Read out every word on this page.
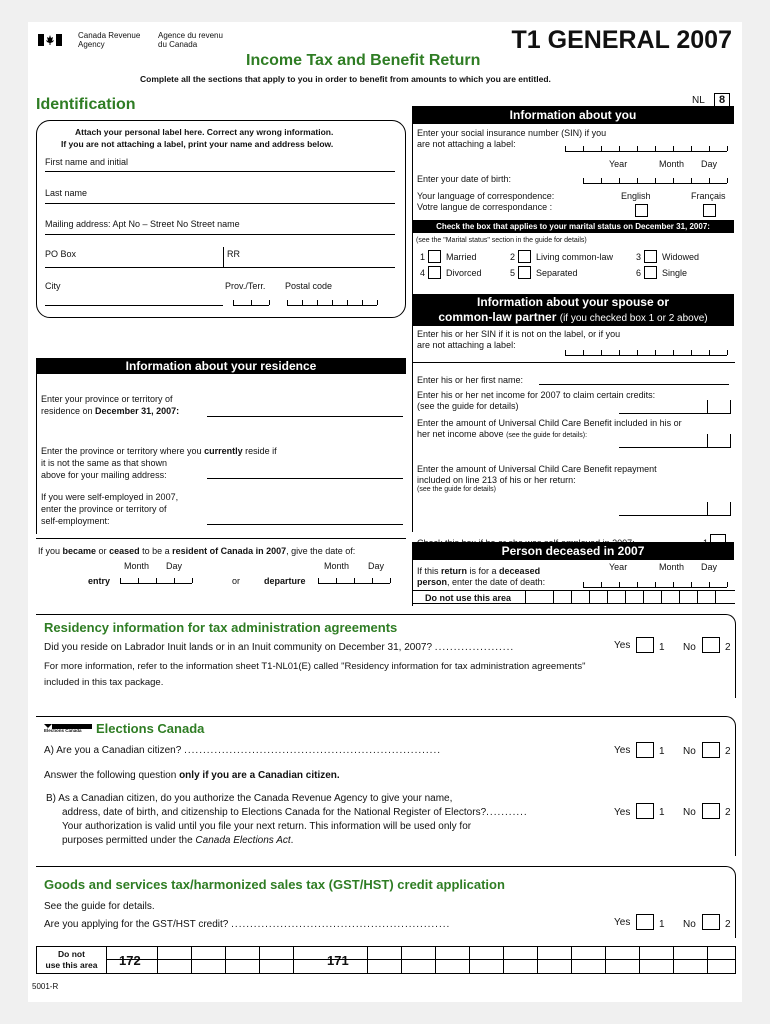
Canada Revenue
Agency
Agence du revenu
du Canada	T1 GENERAL 2007
Income Tax and Benefit Return
Complete all the sections that apply to you in order to benefit from amounts to which you are entitled.
NL	8
Identification
Attach your personal label here. Correct any wrong information.
If you are not attaching a label, print your name and address below.
First name and initial
Last name
Mailing address: Apt No – Street No Street name
PO Box	RR
City	Prov./Terr. Postal code
Information about you
Enter your social insurance number (SIN) if you
are not attaching a label:
Year	Month Day
Enter your date of birth:
Your language of correspondence:
Votre langue de correspondance :
English	Français
Check the box that applies to your marital status on December 31, 2007:
(see the "Marital status" section in the guide for details)
1 Married	2 Living common-law	3 Widowed
4 Divorced	5 Separated	6 Single
Information about your spouse or
common-law partner (if you checked box 1 or 2 above)
Enter his or her SIN if it is not on the label, or if you
are not attaching a label:
Enter his or her first name:
Enter his or her net income for 2007 to claim certain credits:
(see the guide for details)
Enter the amount of Universal Child Care Benefit included in his or
her net income above (see the guide for details):
Enter the amount of Universal Child Care Benefit repayment
included on line 213 of his or her return:
(see the guide for details)
Information about your residence
Enter your province or territory of
residence on December 31, 2007:
Enter the province or territory where you currently reside if
it is not the same as that shown
above for your mailing address:
If you were self-employed in 2007,
enter the province or territory of
self-employment:
If you became or ceased to be a resident of Canada in 2007, give the date of:
Month Day
entry	or
Month Day
departure
Person deceased in 2007
If this return is for a deceased
person, enter the date of death:
Year	Month Day
Do not use this area
Residency information for tax administration agreements
Did you reside on Labrador Inuit lands or in an Inuit community on December 31, 2007? .....................	Yes	1 No	2
For more information, refer to the information sheet T1-NL01(E) called "Residency information for tax administration agreements"
included in this tax package.
Elections Canada Elections Canada
A) Are you a Canadian citizen? ....................................................................	Yes	1 No	2
Answer the following question only if you are a Canadian citizen.
B) As a Canadian citizen, do you authorize the Canada Revenue Agency to give your name,
address, date of birth, and citizenship to Elections Canada for the National Register of Electors?...........
Your authorization is valid until you file your next return. This information will be used only for
purposes permitted under the Canada Elections Act.
Yes	1 No	2
Goods and services tax/harmonized sales tax (GST/HST) credit application
See the guide for details.
Are you applying for the GST/HST credit? ..........................................................	Yes	1 No	2
Do not
use this area	172	171
5001-R
